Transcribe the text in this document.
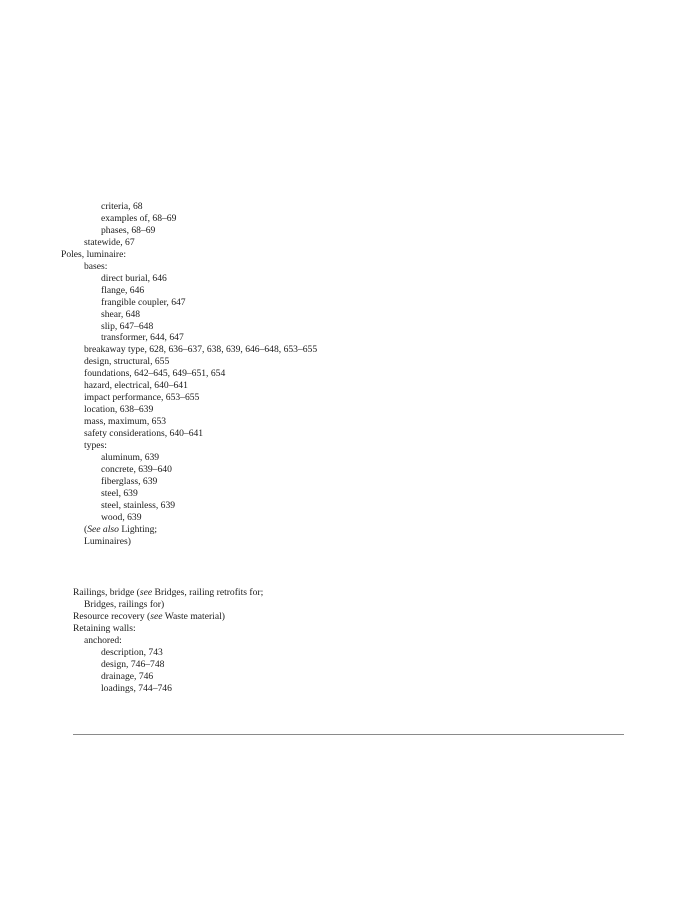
criteria, 68
examples of, 68–69
phases, 68–69
statewide, 67
Poles, luminaire:
bases:
direct burial, 646
flange, 646
frangible coupler, 647
shear, 648
slip, 647–648
transformer, 644, 647
breakaway type, 628, 636–637, 638, 639, 646–648, 653–655
design, structural, 655
foundations, 642–645, 649–651, 654
hazard, electrical, 640–641
impact performance, 653–655
location, 638–639
mass, maximum, 653
safety considerations, 640–641
types:
aluminum, 639
concrete, 639–640
fiberglass, 639
steel, 639
steel, stainless, 639
wood, 639
(See also Lighting;
Luminaires)
Railings, bridge (see Bridges, railing retrofits for;
Bridges, railings for)
Resource recovery (see Waste material)
Retaining walls:
anchored:
description, 743
design, 746–748
drainage, 746
loadings, 744–746
